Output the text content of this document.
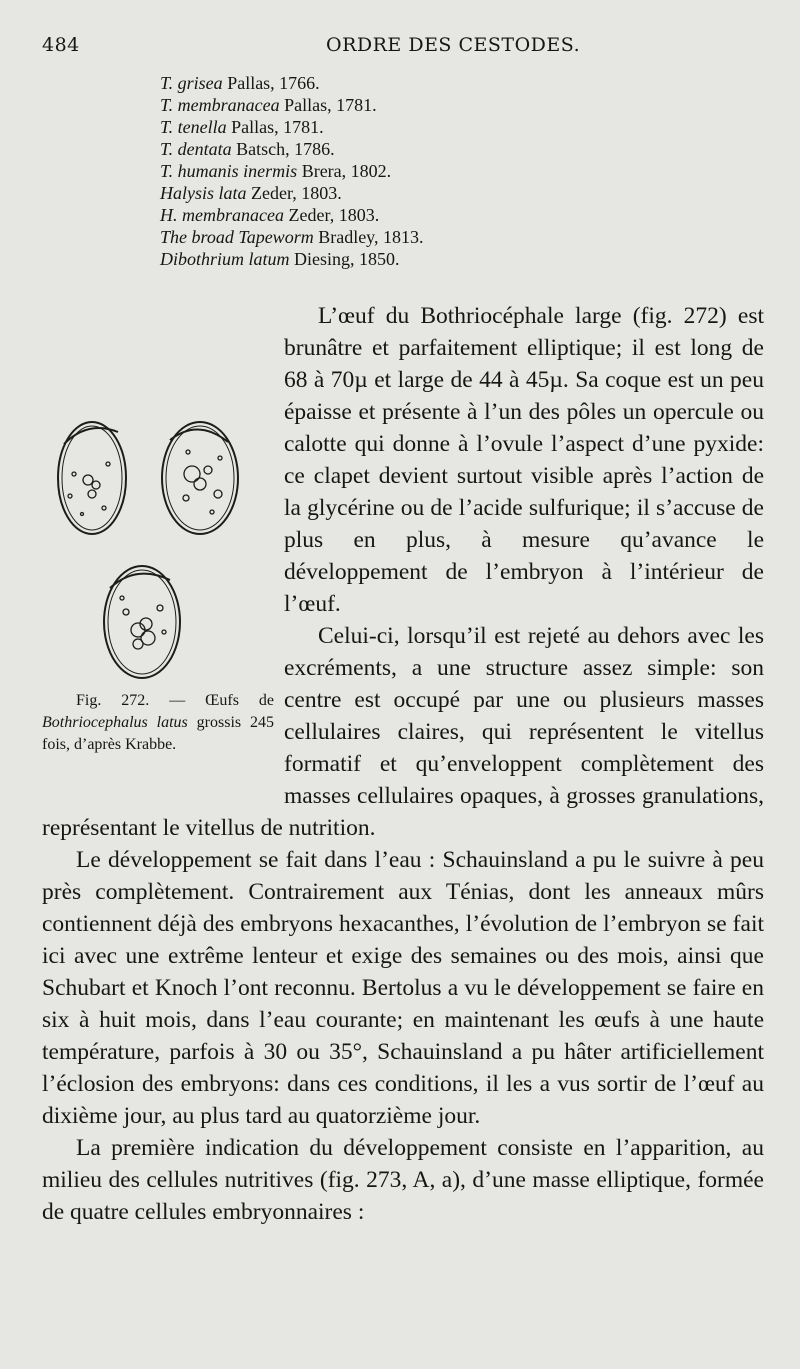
484	ORDRE DES CESTODES.
T. grisea Pallas, 1766.
T. membranacea Pallas, 1781.
T. tenella Pallas, 1781.
T. dentata Batsch, 1786.
T. humanis inermis Brera, 1802.
Halysis lata Zeder, 1803.
H. membranacea Zeder, 1803.
The broad Tapeworm Bradley, 1813.
Dibothrium latum Diesing, 1850.

Fig. 272. — Œufs de Bothriocephalus latus grossis 245 fois, d’après Krabbe.
L’œuf du Bothriocéphale large (fig. 272) est brunâtre et parfaitement elliptique; il est long de 68 à 70µ et large de 44 à 45µ. Sa coque est un peu épaisse et présente à l’un des pôles un opercule ou calotte qui donne à l’ovule l’aspect d’une pyxide: ce clapet devient surtout visible après l’action de la glycérine ou de l’acide sulfurique; il s’accuse de plus en plus, à mesure qu’avance le développement de l’embryon à l’intérieur de l’œuf.

Celui-ci, lorsqu’il est rejeté au dehors avec les excréments, a une structure assez simple: son centre est occupé par une ou plusieurs masses cellulaires claires, qui représentent le vitellus formatif et qu’enveloppent complètement des masses cellulaires opaques, à grosses granulations, représentant le vitellus de nutrition.

Le développement se fait dans l’eau : Schauinsland a pu le suivre à peu près complètement. Contrairement aux Ténias, dont les anneaux mûrs contiennent déjà des embryons hexacanthes, l’évolution de l’embryon se fait ici avec une extrême lenteur et exige des semaines ou des mois, ainsi que Schubart et Knoch l’ont reconnu. Bertolus a vu le développement se faire en six à huit mois, dans l’eau courante; en maintenant les œufs à une haute température, parfois à 30 ou 35°, Schauinsland a pu hâter artificiellement l’éclosion des embryons: dans ces conditions, il les a vus sortir de l’œuf au dixième jour, au plus tard au quatorzième jour.

La première indication du développement consiste en l’apparition, au milieu des cellules nutritives (fig. 273, A, a), d’une masse elliptique, formée de quatre cellules embryonnaires :
